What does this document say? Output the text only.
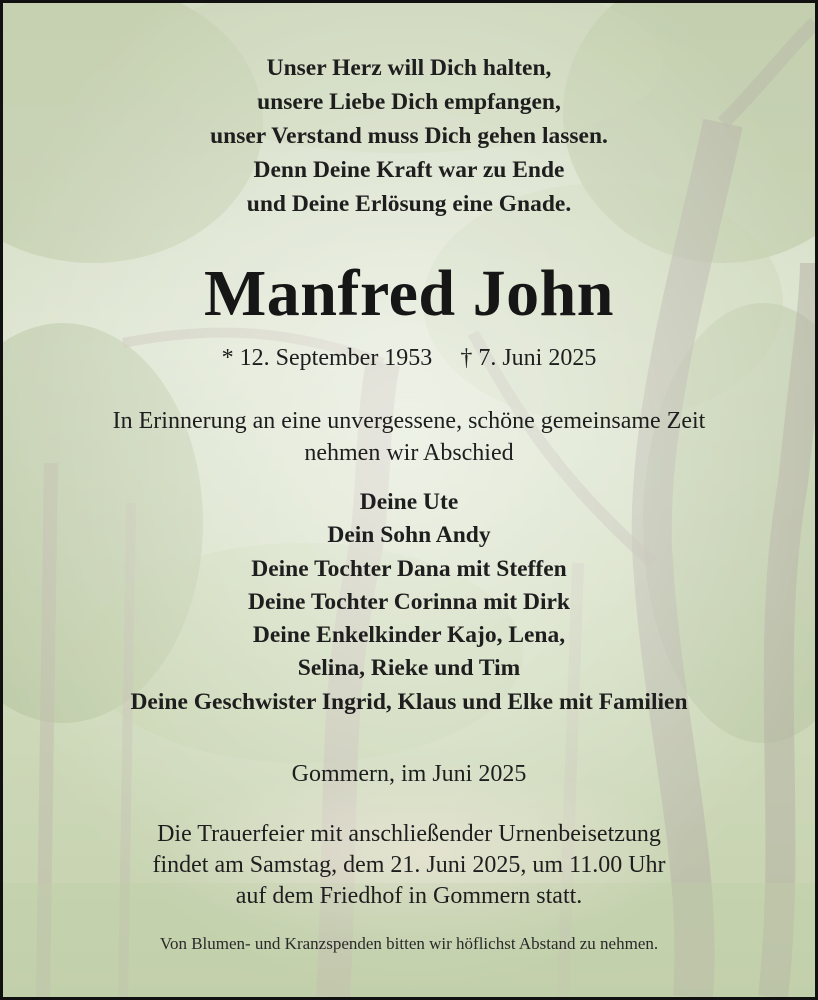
Unser Herz will Dich halten,
unsere Liebe Dich empfangen,
unser Verstand muss Dich gehen lassen.
Denn Deine Kraft war zu Ende
und Deine Erlösung eine Gnade.
Manfred John
* 12. September 1953 † 7. Juni 2025
In Erinnerung an eine unvergessene, schöne gemeinsame Zeit
nehmen wir Abschied
Deine Ute
Dein Sohn Andy
Deine Tochter Dana mit Steffen
Deine Tochter Corinna mit Dirk
Deine Enkelkinder Kajo, Lena,
Selina, Rieke und Tim
Deine Geschwister Ingrid, Klaus und Elke mit Familien
Gommern, im Juni 2025
Die Trauerfeier mit anschließender Urnenbeisetzung
findet am Samstag, dem 21. Juni 2025, um 11.00 Uhr
auf dem Friedhof in Gommern statt.
Von Blumen- und Kranzspenden bitten wir höflichst Abstand zu nehmen.
